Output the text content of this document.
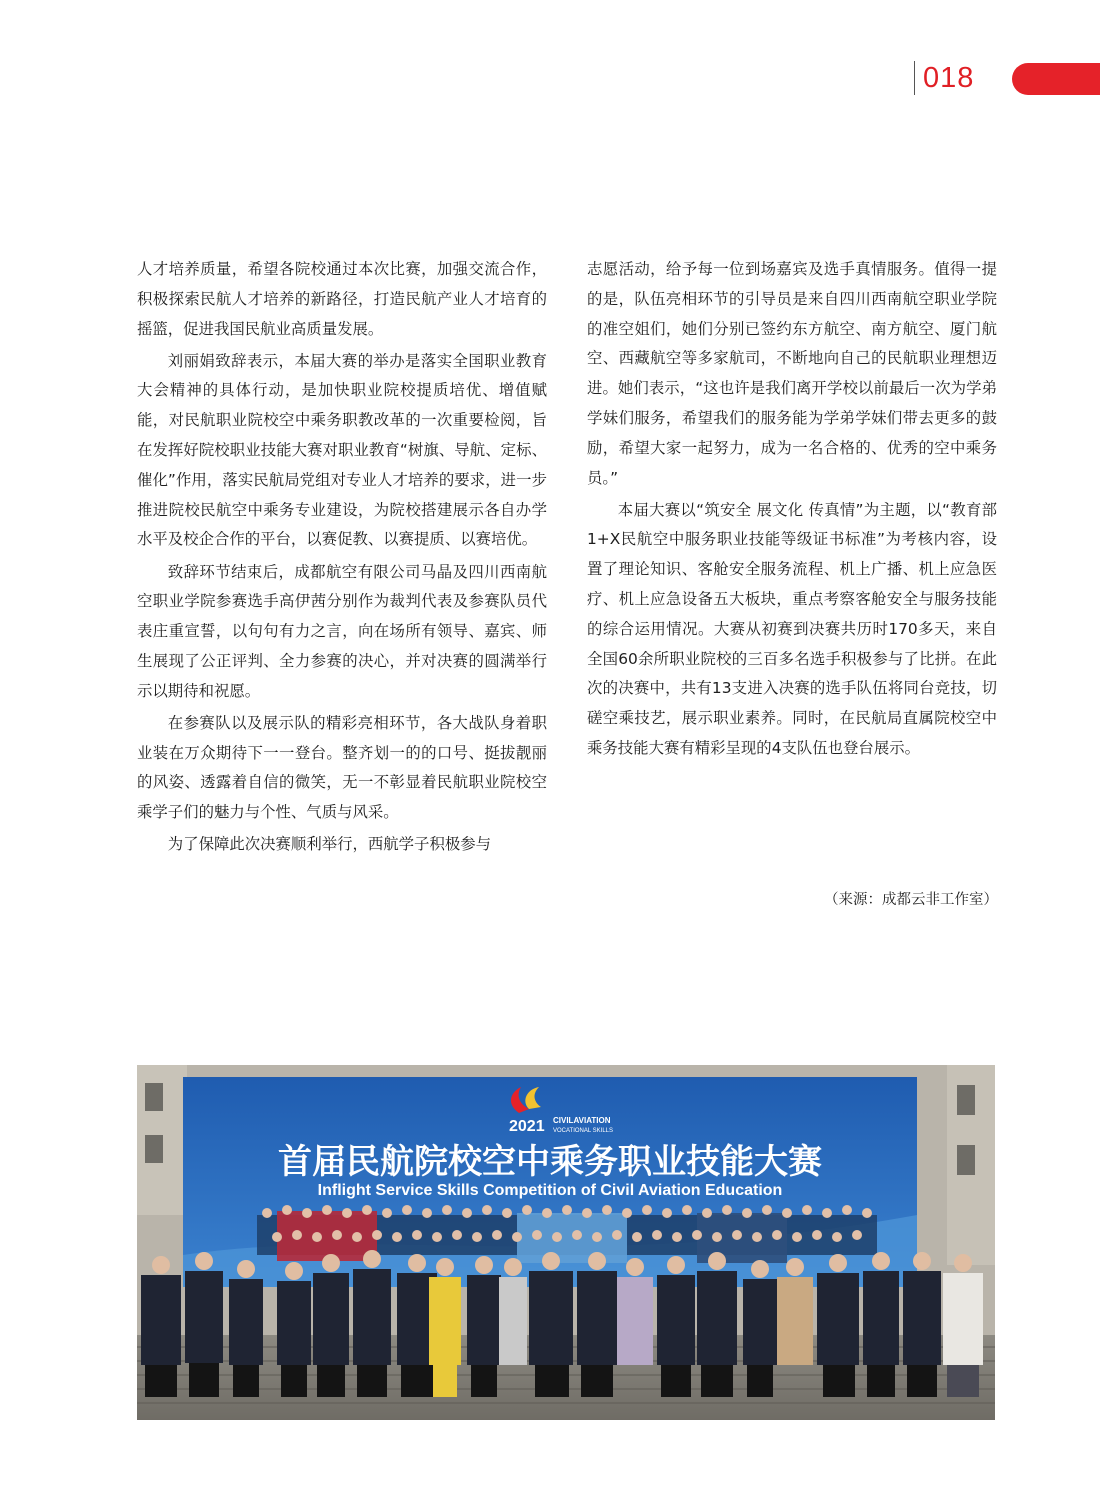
018

人才培养质量，希望各院校通过本次比赛，加强交流合作，积极探索民航人才培养的新路径，打造民航产业人才培育的摇篮，促进我国民航业高质量发展。

刘丽娟致辞表示，本届大赛的举办是落实全国职业教育大会精神的具体行动，是加快职业院校提质培优、增值赋能，对民航职业院校空中乘务职教改革的一次重要检阅，旨在发挥好院校职业技能大赛对职业教育“树旗、导航、定标、催化”作用，落实民航局党组对专业人才培养的要求，进一步推进院校民航空中乘务专业建设，为院校搭建展示各自办学水平及校企合作的平台，以赛促教、以赛提质、以赛培优。

致辞环节结束后，成都航空有限公司马晶及四川西南航空职业学院参赛选手高伊茜分别作为裁判代表及参赛队员代表庄重宣誓，以句句有力之言，向在场所有领导、嘉宾、师生展现了公正评判、全力参赛的决心，并对决赛的圆满举行示以期待和祝愿。

在参赛队以及展示队的精彩亮相环节，各大战队身着职业装在万众期待下一一登台。整齐划一的的口号、挺拔靓丽的风姿、透露着自信的微笑，无一不彰显着民航职业院校空乘学子们的魅力与个性、气质与风采。

为了保障此次决赛顺利举行，西航学子积极参与

志愿活动，给予每一位到场嘉宾及选手真情服务。值得一提的是，队伍亮相环节的引导员是来自四川西南航空职业学院的准空姐们，她们分别已签约东方航空、南方航空、厦门航空、西藏航空等多家航司，不断地向自己的民航职业理想迈进。她们表示，“这也许是我们离开学校以前最后一次为学弟学妹们服务，希望我们的服务能为学弟学妹们带去更多的鼓励，希望大家一起努力，成为一名合格的、优秀的空中乘务员。”

本届大赛以“筑安全 展文化 传真情”为主题，以“教育部1+X民航空中服务职业技能等级证书标准”为考核内容，设置了理论知识、客舱安全服务流程、机上广播、机上应急医疗、机上应急设备五大板块，重点考察客舱安全与服务技能的综合运用情况。大赛从初赛到决赛共历时170多天，来自全国60余所职业院校的三百多名选手积极参与了比拼。在此次的决赛中，共有13支进入决赛的选手队伍将同台竞技，切磋空乘技艺，展示职业素养。同时，在民航局直属院校空中乘务技能大赛有精彩呈现的4支队伍也登台展示。

（来源：成都云非工作室）
2021 CIVILAVIATION
VOCATIONAL SKILLS
首届民航院校空中乘务职业技能大赛
Inflight Service Skills Competition of Civil Aviation Education
